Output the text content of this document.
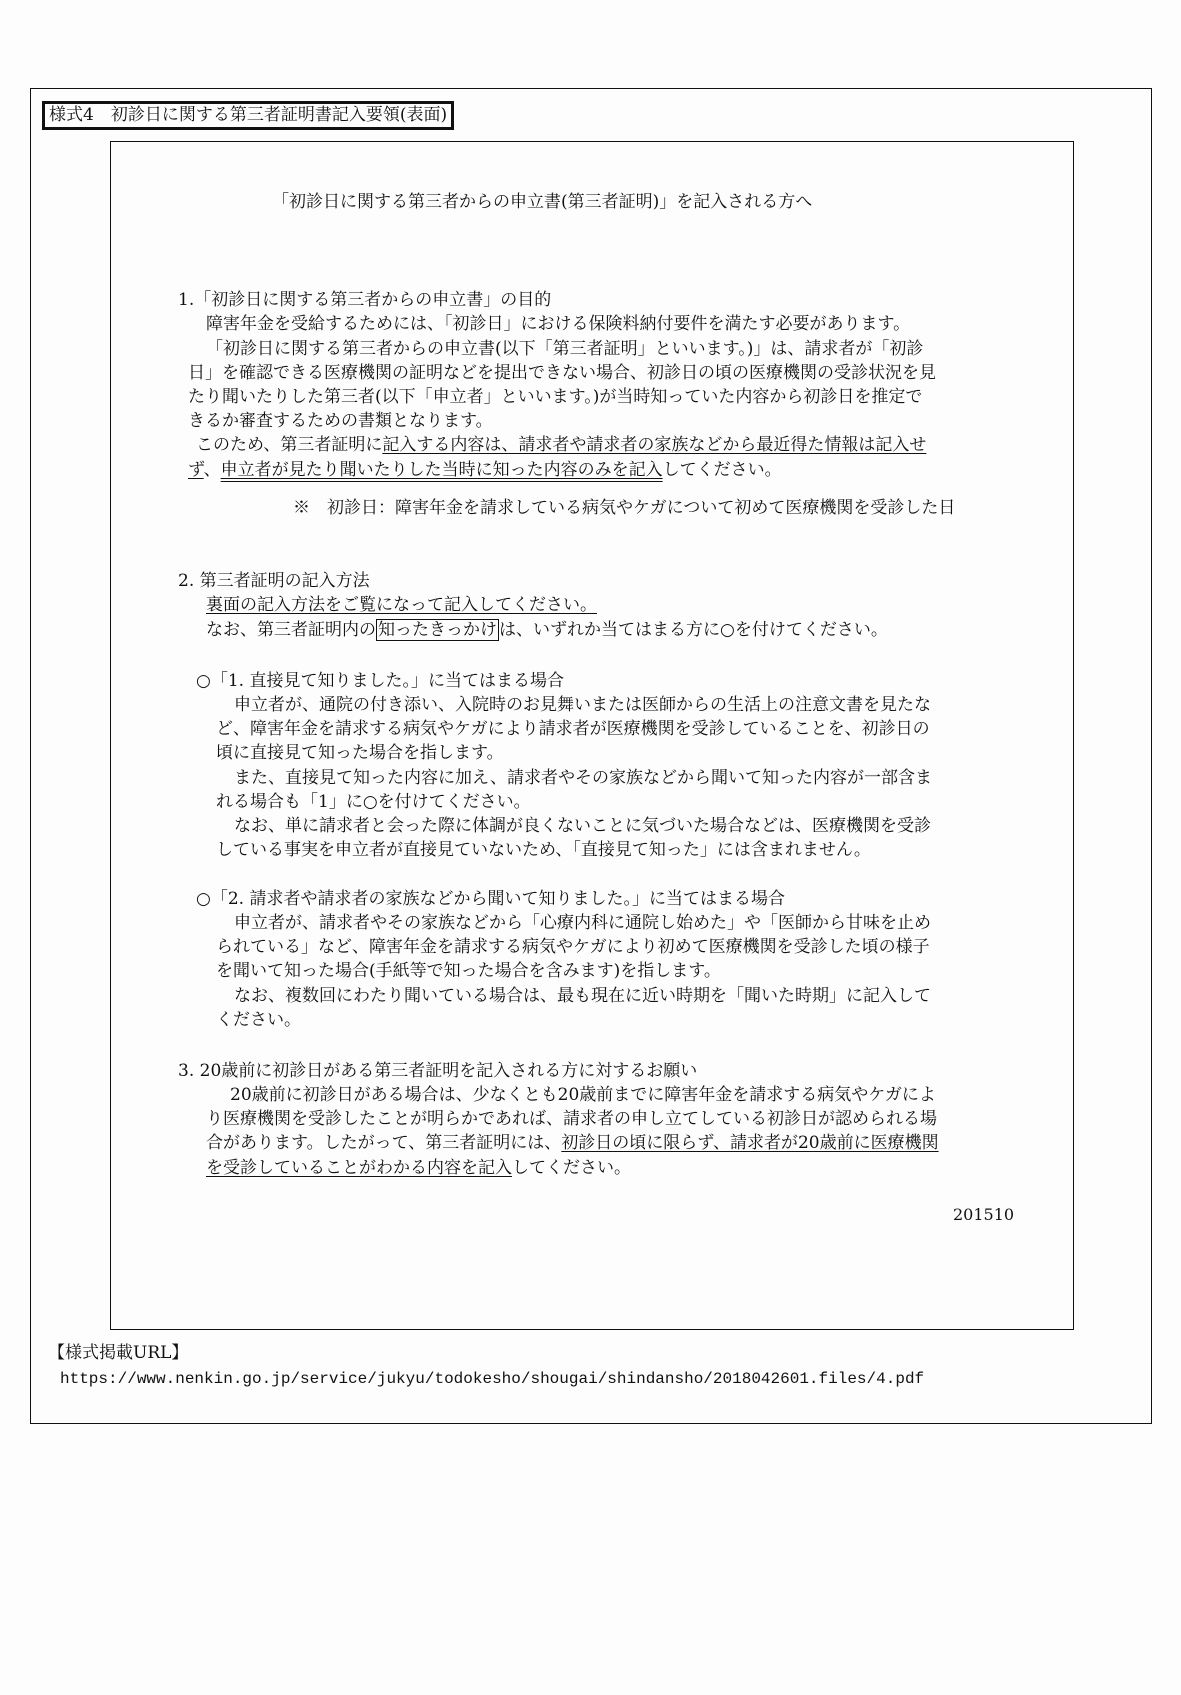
様式4　初診日に関する第三者証明書記入要領(表面)
「初診日に関する第三者からの申立書(第三者証明)」を記入される方へ
1.「初診日に関する第三者からの申立書」の目的
障害年金を受給するためには、「初診日」における保険料納付要件を満たす必要があります。
「初診日に関する第三者からの申立書(以下「第三者証明」といいます。)」は、請求者が「初診
日」を確認できる医療機関の証明などを提出できない場合、初診日の頃の医療機関の受診状況を見
たり聞いたりした第三者(以下「申立者」といいます。)が当時知っていた内容から初診日を推定で
きるか審査するための書類となります。
このため、第三者証明に記入する内容は、請求者や請求者の家族などから最近得た情報は記入せ
ず、申立者が見たり聞いたりした当時に知った内容のみを記入してください。
※　初診日：障害年金を請求している病気やケガについて初めて医療機関を受診した日
2. 第三者証明の記入方法
裏面の記入方法をご覧になって記入してください。
なお、第三者証明内の 知ったきっかけ は、いずれか当てはまる方に○を付けてください。
○「1. 直接見て知りました。」に当てはまる場合
申立者が、通院の付き添い、入院時のお見舞いまたは医師からの生活上の注意文書を見たな
ど、障害年金を請求する病気やケガにより請求者が医療機関を受診していることを、初診日の
頃に直接見て知った場合を指します。
また、直接見て知った内容に加え、請求者やその家族などから聞いて知った内容が一部含ま
れる場合も「1」に○を付けてください。
なお、単に請求者と会った際に体調が良くないことに気づいた場合などは、医療機関を受診
している事実を申立者が直接見ていないため、「直接見て知った」には含まれません。
○「2. 請求者や請求者の家族などから聞いて知りました。」に当てはまる場合
申立者が、請求者やその家族などから「心療内科に通院し始めた」や「医師から甘味を止め
られている」など、障害年金を請求する病気やケガにより初めて医療機関を受診した頃の様子
を聞いて知った場合(手紙等で知った場合を含みます)を指します。
なお、複数回にわたり聞いている場合は、最も現在に近い時期を「聞いた時期」に記入して
ください。
3. 20歳前に初診日がある第三者証明を記入される方に対するお願い
20歳前に初診日がある場合は、少なくとも20歳前までに障害年金を請求する病気やケガによ
り医療機関を受診したことが明らかであれば、請求者の申し立てしている初診日が認められる場
合があります。したがって、第三者証明には、初診日の頃に限らず、請求者が20歳前に医療機関
を受診していることがわかる内容を記入してください。
201510
【様式掲載URL】
https://www.nenkin.go.jp/service/jukyu/todokesho/shougai/shindansho/2018042601.files/4.pdf
